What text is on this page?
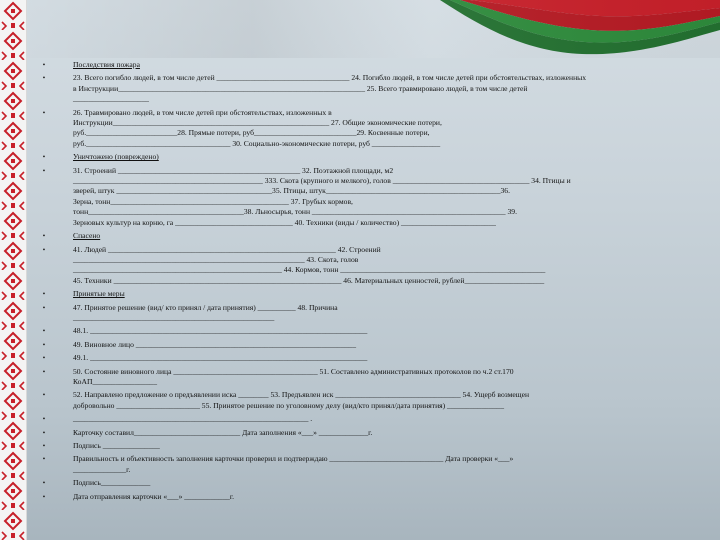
•	Последствия пожара
•	23. Всего погибло людей, в том числе детей ___________________________________ 24. Погибло людей, в том числе детей при обстоятельствах, изложенных
в Инструкции_________________________________________________________________ 25. Всего травмировано людей, в том числе детей
____________________
•	26. Травмировано людей, в том числе детей при обстоятельствах, изложенных в
Инструкции_________________________________________________________ 27. Общие экономические потери,
руб.________________________28. Прямые потери, руб___________________________29. Косвенные потери,
руб.______________________________________ 30. Социально-экономические потери, руб __________________
•	Уничтожено (повреждено)
•	31. Строений ________________________________________________ 32. Поэтажной площади, м2
__________________________________________________ 333. Скота (крупного и мелкого), голов ____________________________________ 34. Птицы и
зверей, штук _________________________________________35. Птицы, штук______________________________________________36.
Зерна, тонн_______________________________________________ 37. Грубых кормов,
тонн_________________________________________38. Льносырья, тонн ___________________________________________________ 39.
Зерновых культур на корню, га _______________________________ 40. Техники (виды / количество) _________________________
•	Спасено
•	41. Людей ____________________________________________________________ 42. Строений
_____________________________________________________________ 43. Скота, голов
_______________________________________________________ 44. Кормов, тонн ______________________________________________________
45. Техники ____________________________________________________________ 46. Материальных ценностей, рублей_____________________
•	Принятые меры
•	47. Принятое решение (вид/ кто принял / дата принятия) __________ 48. Причина
_____________________________________________________
•	48.1. _________________________________________________________________________
•	49. Виновное лицо __________________________________________________________
•	49.1. _________________________________________________________________________
•	50. Состояние виновного лица ______________________________________ 51. Составлено административных протоколов по ч.2 ст.170
КоАП_________________
•	52. Направлено предложение о предъявлении иска ________ 53. Предъявлен иск _________________________________ 54. Ущерб возмещен
добровольно ______________________ 55. Принятое решение по уголовному делу (вид/кто принял/дата принятия) _______________
•	______________________________________________________________ .
•	Карточку составил____________________________ Дата заполнения «___» _____________г.
•	Подпись _______________
•	Правильность и объективность заполнения карточки проверил и подтверждаю ______________________________ Дата проверки «___»
______________г.
•	Подпись_____________
•	Дата отправления карточки «___» ____________г.
